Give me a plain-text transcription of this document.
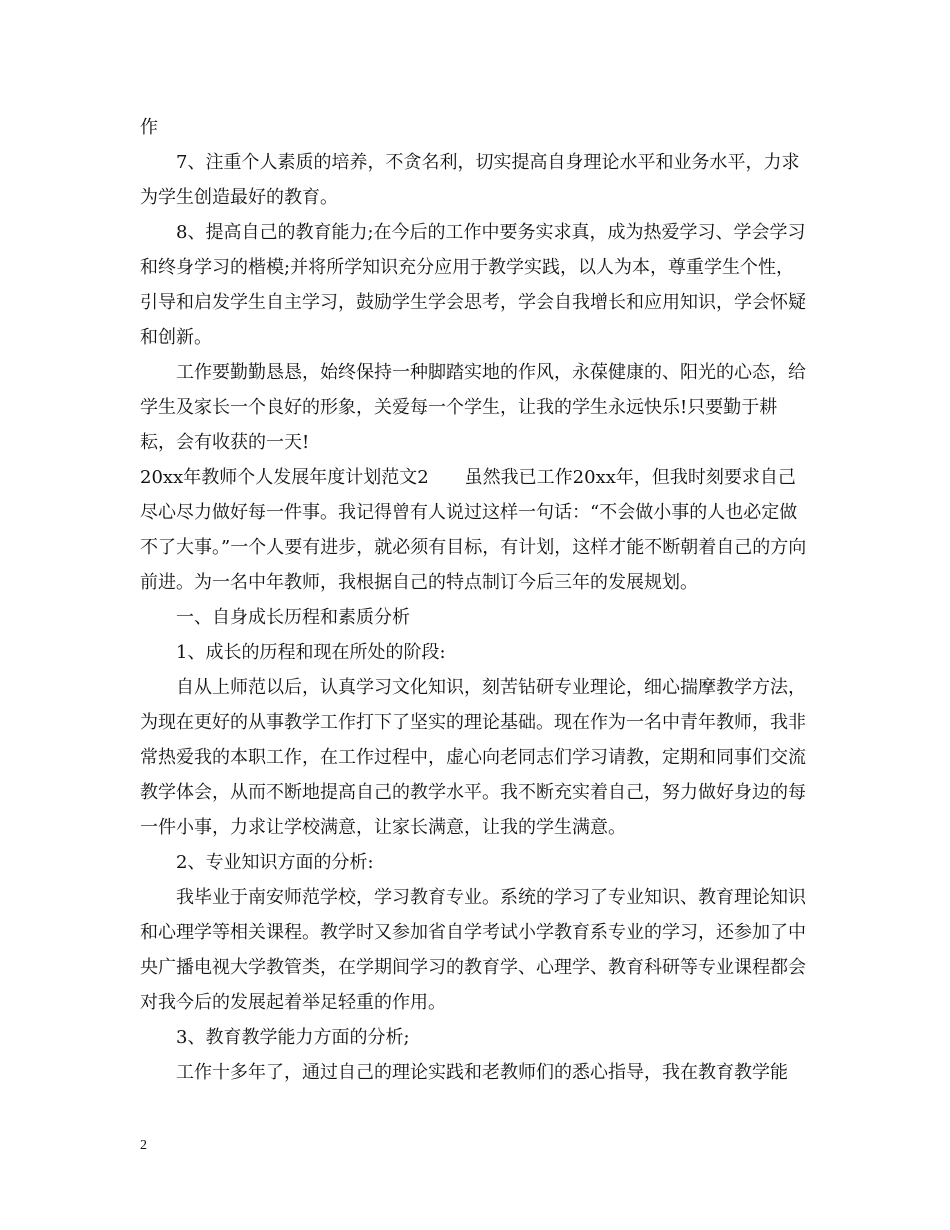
作

7、注重个人素质的培养，不贪名利，切实提高自身理论水平和业务水平，力求为学生创造最好的教育。

8、提高自己的教育能力;在今后的工作中要务实求真，成为热爱学习、学会学习和终身学习的楷模;并将所学知识充分应用于教学实践，以人为本，尊重学生个性，引导和启发学生自主学习，鼓励学生学会思考，学会自我增长和应用知识，学会怀疑和创新。

工作要勤勤恳恳，始终保持一种脚踏实地的作风，永葆健康的、阳光的心态，给学生及家长一个良好的形象，关爱每一个学生，让我的学生永远快乐!只要勤于耕耘，会有收获的一天!

20xx年教师个人发展年度计划范文2 虽然我已工作20xx年，但我时刻要求自己尽心尽力做好每一件事。我记得曾有人说过这样一句话：“不会做小事的人也必定做不了大事。”一个人要有进步，就必须有目标，有计划，这样才能不断朝着自己的方向前进。为一名中年教师，我根据自己的特点制订今后三年的发展规划。

一、自身成长历程和素质分析

1、成长的历程和现在所处的阶段:

自从上师范以后，认真学习文化知识，刻苦钻研专业理论，细心揣摩教学方法，为现在更好的从事教学工作打下了坚实的理论基础。现在作为一名中青年教师，我非常热爱我的本职工作，在工作过程中，虚心向老同志们学习请教，定期和同事们交流教学体会，从而不断地提高自己的教学水平。我不断充实着自己，努力做好身边的每一件小事，力求让学校满意，让家长满意，让我的学生满意。

2、专业知识方面的分析:

我毕业于南安师范学校，学习教育专业。系统的学习了专业知识、教育理论知识和心理学等相关课程。教学时又参加省自学考试小学教育系专业的学习，还参加了中央广播电视大学教管类，在学期间学习的教育学、心理学、教育科研等专业课程都会对我今后的发展起着举足轻重的作用。

3、教育教学能力方面的分析;

工作十多年了，通过自己的理论实践和老教师们的悉心指导，我在教育教学能

2
